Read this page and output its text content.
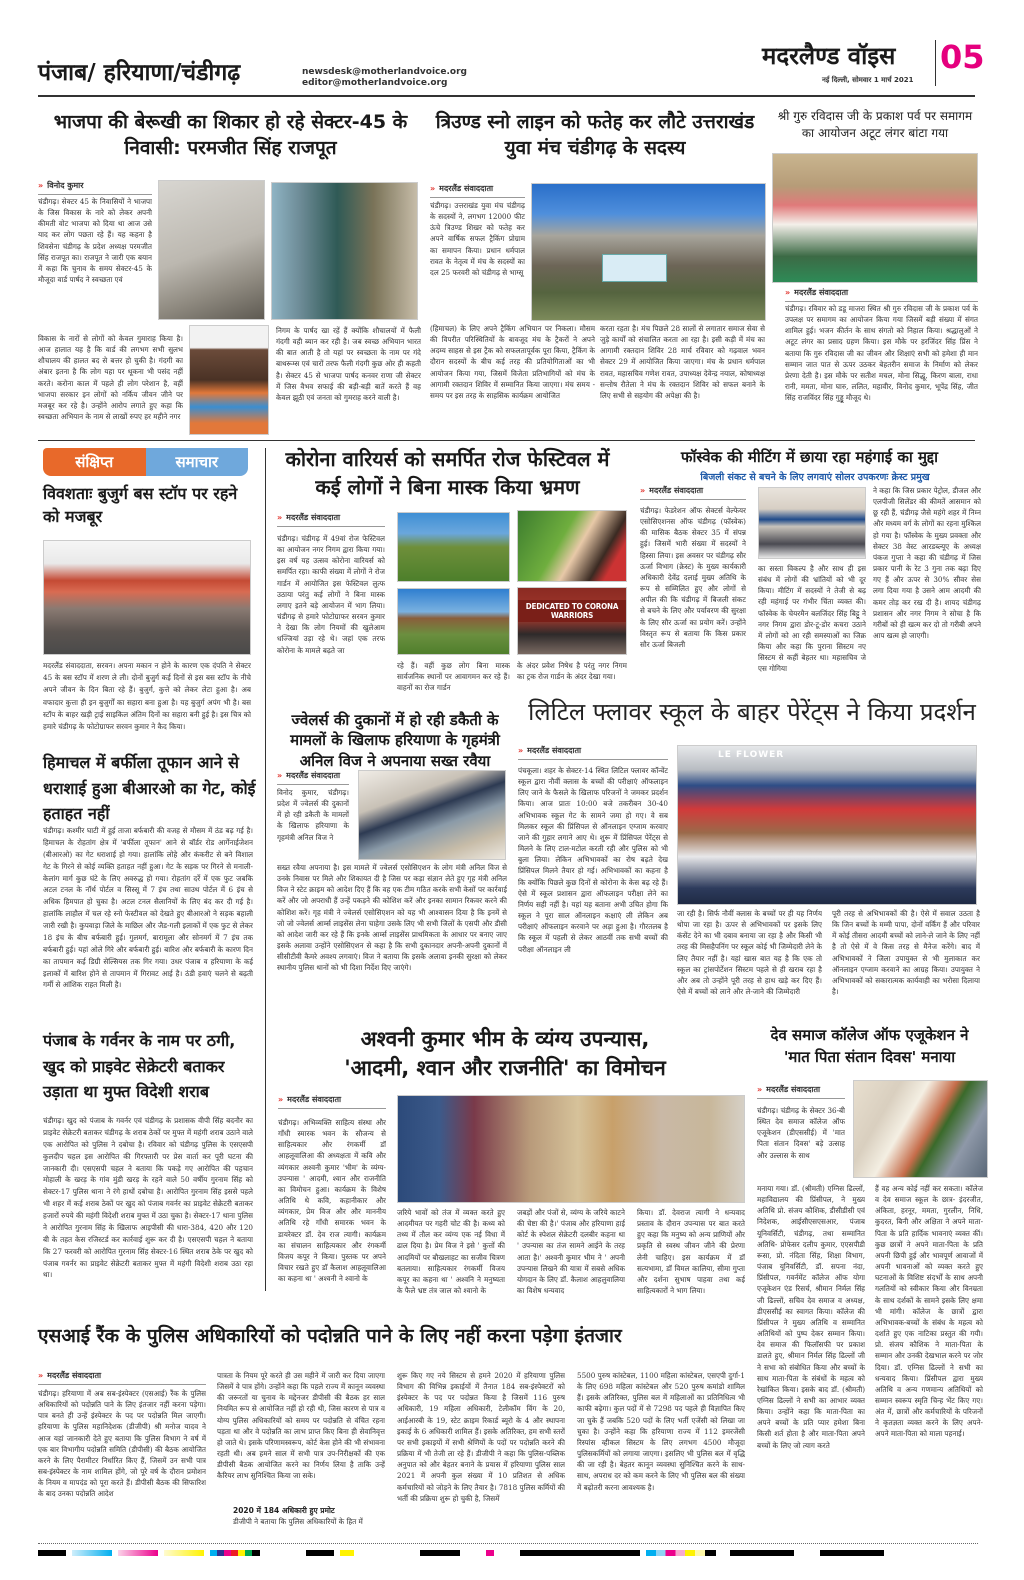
पंजाब/ हरियाणा/चंडीगढ़	newsdesk@motherlandvoice.org
editor@motherlandvoice.org
मदरलैण्ड वॉइस 05
नई दिल्ली, सोमवार 1 मार्च 2021
भाजपा की बेरूखी का शिकार हो रहे सेक्टर-45 के निवासी: परमजीत सिंह राजपूत
» विनोद कुमार
चंडीगढ़। सेक्टर 45 के निवासियों ने भाजपा के जिस विकास के नारे को लेकर अपनी कीमती वोट भाजपा को दिया था आज उसे याद कर लोग पछता रहे हैं। यह कहना है शिवसेना चंडीगढ़ के प्रदेश अध्यक्ष परमजीत सिंह राजपूत का। राजपूत ने जारी एक बयान में कहा कि चुनाव के समय सेक्टर-45 के मौजूदा वार्ड पार्षद ने स्वच्छता एवं
विकास के नारों से लोगों को केवल गुमाराह किया है। आज हालात यह है कि वार्ड की लगभग सभी सुलभ शौचालय की हालत बद से बत्तर हो चुकी है। गंदगी का अंबार इतना है कि लोग यहा पर थूकना भी पसंद नहीं करते। करोना काल में पहले ही लोग परेशान है, वहीं भाजपा सरकार इन लोगों को नर्किय जीवन जीने पर मजबूर कर रहे है। उन्होंने आरोप लगाते हुए कहा कि स्वच्छता अभियान के नाम से लाखों रुपए हर महीने नगर
निगम के पार्षद खा रहें हैं क्योंकि शौचालयों में फैली गंदगी वही ब्यान कर रही है। जब स्वच्छ अभियान भारत की बात आती है तो यहां पर स्वच्छता के नाम पर गंदे बाथरूम्स एवं चारों तरफ फैली गंदगी कुछ ओर ही कहती है। सेक्टर 45 से भाजपा पार्षद कनवर राणा जी सेक्टर में जिस वैभव सफाई की बड़ी-बड़ी बातें करते हैं वह केवल झूठी एवं जनता को गुमराह करने वाली है।
त्रिउण्ड स्नो लाइन को फतेह कर लौटे उत्तराखंड युवा मंच चंडीगढ़ के सदस्य
» मदरलैंड संवाददाता
चंडीगढ़। उत्तराखंड युवा मंच चंडीगढ़ के सदस्यों ने, लगभग 12000 फीट ऊंचे त्रिउण्ड शिखर को फतेह कर अपने वार्षिक सफल ट्रैकिंग प्रोग्राम का समापन किया। प्रधान धर्मपाल रावत के नेतृत्व में मंच के सदस्यों का दल 25 फरवरी को चंडीगढ़ से भाग्सू
(हिमाचल) के लिए अपने ट्रैकिंग अभियान पर निकला। मौसम की विपरीत परिस्थितियों के बावजूद मंच के ट्रैकरों ने अपने अदम्य साहस से इस ट्रैक को सफलतापूर्वक पूरा किया, ट्रैकिंग के दौरान सदस्यों के बीच कई तरह की प्रतियोगिताओं का भी आयोजन किया गया, जिसमें विजेता प्रतिभागियों को मंच के आगामी रक्तदान शिविर में सम्मानित किया जाएगा। मंच समय - समय पर इस तरह के साहसिक कार्यक्रम आयोजित
करता रहता है। मंच पिछले 28 सालों से लगातार समाज सेवा से जुड़े कार्यों को संचालित करता आ रहा है। इसी कड़ी में मंच का आगामी रक्तदान शिविर 28 मार्च रविवार को गढ़वाल भवन सेक्टर 29 में आयोजित किया जाएगा। मंच के प्रधान धर्मपाल रावत, महासचिव गणेश रावत, उपाध्यक्ष देवेन्द्र नयाल, कोषाध्यक्ष सन्तोष रौतेला ने मंच के रक्तदान शिविर को सफल बनाने के लिए सभी से सहयोग की अपेक्षा की है।
श्री गुरु रविदास जी के प्रकाश पर्व पर समागम का आयोजन अटूट लंगर बांटा गया
» मदरलैंड संवाददाता
चंडीगढ़। रविवार को डडू माजरा स्थित श्री गुरु रविदास जी के प्रकाश पर्व के उपलक्ष पर समागम का आयोजन किया गया जिसमें बड़ी संख्या में संगत शामिल हुई। भजन कीर्तन के साथ संगतो को निहाल किया। श्रद्धालुओं ने अटूट लंगर का प्रसाद ग्रहण किया। इस मौके पर हरजिंदर सिंह प्रिंस ने बताया कि गुरु रविदास जी का जीवन और शिक्षाएं सभी को हमेशा ही मान सम्मान जात पात से ऊपर उठकर बेहतरीन समाज के निर्माण को लेकर प्रेरणा देती है। इस मौके पर सतीश मचल, मोना सिद्धू, किरण बाला, राधा रानी, ममता, मोना घारु, ललित, महावीर, विनोद कुमार, भूपेंद्र सिंह, जीत सिंह राजविंदर सिंह गुड्डू मौजूद थे।
संक्षिप्त	समाचार
विवशताः बुजुर्ग बस स्टॉप पर रहने को मजबूर
मदरलैंड संवाददाता, सरवन। अपना मकान न होने के कारण एक दंपति ने सेक्टर 45 के बस स्टॉप में शरण ले ली। दोनों बुजुर्ग कई दिनों से इस बस स्टॉप के नीचे अपने जीवन के दिन बिता रहे हैं। बुजुर्ग, कुत्ते को लेकर लेटा हुआ है। अब वफादार कुत्ता ही इन बुजुर्गों का सहारा बना हुआ है। यह बुजुर्ग अपंग भी है। बस स्टॉप के बाहर खड़ी ट्राई साइकिल अंतिम दिनों का सहारा बनी हुई है। इस चित्र को हमारे चंडीगढ़ के फोटोग्राफर सरवन कुमार ने कैद किया।
हिमाचल में बर्फीला तूफान आने से धराशाई हुआ बीआरओ का गेट, कोई हताहत नहीं
चंडीगढ़। कश्मीर घाटी में हुई ताजा बर्फबारी की वजह से मौसम में ठंड बढ़ गई है। हिमाचल के रोहतांग क्षेत्र में 'बर्फीला तूफान' आने से बॉर्डर रोड आर्गेनाईजेशन (बीआरओ) का गेट धराशाई हो गया। हालांकि लोहे और कंकरीट से बने विशाल गेट के गिरने से कोई व्यक्ति हताहत नहीं हुआ। गेट के सड़क पर गिरने से मनाली-केलांग मार्ग कुछ घंटे के लिए अवरुद्ध हो गया। रोहतांग दर्रे में एक फुट जबकि अटल टनल के नॉर्थ पोर्टल व सिस्सू में 7 इंच तथा साउथ पोर्टल में 6 इंच से अधिक हिमपात हो चुका है। अटल टनल सैलानियों के लिए बंद कर दी गई है। हालांकि लाहौल में चल रहे स्नो फेस्टीवल को देखते हुए बीआरओ ने सड़क बहाली जारी रखी है। कुपवाड़ा जिले के माछिल और जैड-गली इलाकों में एक फुट से लेकर 18 इंच के बीच बर्फबारी हुई। गुलमर्ग, बारामूला और सोनमर्ग में 7 इंच तक बर्फबारी हुई। यहां ओले गिरे और बर्फबारी हुई। बारिश और बर्फबारी के कारण दिन का तापमान कई डिग्री सेल्सियस तक गिर गया। उधर पंजाब व हरियाणा के कई इलाकों में बारिश होने से तापमान में गिरावट आई है। ठंडी हवाएं चलने से बढ़ती गर्मी से आंशिक राहत मिली है।
पंजाब के गर्वनर के नाम पर ठगी, खुद को प्राइवेट सेक्रेटरी बताकर उड़ाता था मुफ्त विदेशी शराब
चंडीगढ़। खुद को पंजाब के गवर्नर एवं चंडीगढ़ के प्रशासक वीपी सिंह बदनौर का प्राइवेट सेक्रेटरी बताकर चंडीगढ़ के शराब ठेकों पर मुफ्त में महंगी शराब उठाने वाले एक आरोपित को पुलिस ने दबोचा है। रविवार को चंडीगढ़ पुलिस के एसएसपी कुलदीप चहल इस आरोपित की गिरफ्तारी पर प्रेस वार्ता कर पूरी घटना की जानकारी दी। एसएसपी चहल ने बताया कि पकड़े गए आरोपित की पहचान मोहाली के खरड़ के गांव मुंडी खरड़ के रहने वाले 50 वर्षीय गुरनाम सिंह को सेक्टर-17 पुलिस थाना ने रंगे हाथों दबोचा है। आरोपित गुरनाम सिंह इससे पहले भी शहर में कई शराब ठेकों पर खुद को पंजाब गवर्नर का प्राइवेट सेक्रेटरी बताकर हजारों रुपये की महंगी विदेशी शराब मुफ्त में उठा चुका है। सेक्टर-17 थाना पुलिस ने आरोपित गुरनाम सिंह के खिलाफ आइपीसी की धारा-384, 420 और 120 बी के तहत केस रजिस्टर्ड कर कार्रवाई शुरू कर दी है। एसएसपी चहल ने बताया कि 27 फरवरी को आरोपित गुरनाम सिंह सेक्टर-16 स्थित शराब ठेके पर खुद को पंजाब गवर्नर का प्राइवेट सेक्रेटरी बताकर मुफ्त में महंगी विदेशी शराब उठा रहा था।
कोरोना वारियर्स को समर्पित रोज फेस्टिवल में कई लोगों ने बिना मास्क किया भ्रमण
» मदरलैंड संवाददाता
चंडीगढ़। चंडीगढ़ में 49वां रोज फेस्टिवल का आयोजन नगर निगम द्वारा किया गया। इस वर्ष यह उत्सव कोरोना वारियर्स को समर्पित रहा। काफी संख्या में लोगों ने रोज गार्डन में आयोजित इस फेस्टिवल लुत्फ उठाया परंतु कई लोगों ने बिना मास्क लगाए इतने बड़े आयोजन में भाग लिया। चंडीगढ़ से हमारे फोटोग्राफर सरवन कुमार ने देखा कि लोग नियमों की खुलेआम धज्जियां उड़ा रहे थे। जहां एक तरफ कोरोना के मामले बढ़ते जा
रहे हैं। वहीं कुछ लोग बिना मास्क सार्वजनिक स्थानों पर आवागमन कर रहे हैं। वाहनों का रोज गार्डन
DEDICATED TO CORONA WARRIORS
के अंदर प्रवेश निषेध है परंतु नगर निगम का ट्रक रोज गार्डन के अंदर देखा गया।
फॉस्वेक की मीटिंग में छाया रहा महंगाई का मुद्दा
बिजली संकट से बचने के लिए लगवाएं सोलर उपकरणः क्रेस्ट प्रमुख
» मदरलैंड संवाददाता
चंडीगढ़। फेडरेशन ऑफ सेक्टर्स वेल्फेयर एसोसिएशनस ऑफ चंडीगढ़ (फॉस्वेक) की मासिक बैठक सेक्टर 35 में संपन्न हुई। जिसमें भारी संख्या में सदस्यों ने हिस्सा लिया। इस अवसर पर चंडीगढ़ सौर ऊर्जा विभाग (क्रेस्ट) के मुख्य कार्यकारी अधिकारी देवेंद्र दलाई मुख्य अतिथि के रूप से सम्मिलित हुए और लोगों से अपील की कि चंडीगढ़ में बिजली संकट से बचने के लिए और पर्यावरण की सुरक्षा के लिए सौर ऊर्जा का प्रयोग करें। उन्होंने विस्तृत रूप से बताया कि किस प्रकार सौर ऊर्जा बिजली
का सस्ता विकल्प है और साथ ही इस संबंध में लोगों की भ्रांतियों को भी दूर किया। मीटिंग में सदस्यों ने तेजी से बढ़ रही महंगाई पर गंभीर चिंता व्यक्त की। फॉस्वेक के चेयरमैन बलजिंदर सिंह बिट्टू ने नगर निगम द्वारा डोर-टू-डोर कचरा उठाने में लोगों को आ रही समस्याओं का जिक्र किया और कहा कि पुराना सिस्टम नए सिस्टम से कहीं बेहतर था। महासचिव जे एस गोगिया
ने कहा कि जिस प्रकार पेट्रोल, डीजल और एलपीजी सिलेंडर की कीमतें आसमान को छू रही हैं, चंडीगढ़ जैसे महंगे शहर में निम्न और मध्यम वर्ग के लोगों का रहना मुश्किल हो गया है। फॉस्वेक के मुख्य प्रवक्ता और सेक्टर 38 वेस्ट आरडब्ल्यूए के अध्यक्ष पंकज गुप्ता ने कहा की चंडीगढ़ में जिस प्रकार पानी के रेट 3 गुना तक बढ़ा दिए गए हैं और ऊपर से 30% सीवर सेस लगा दिया गया है उसने आम आदमी की कमर तोड़ कर रख दी है। शायद चंडीगढ़ प्रशासन और नगर निगम ने सोचा है कि गरीबों को ही खत्म कर दो तो गरीबी अपने आप खत्म हो जाएगी।
ज्वेलर्स की दुकानों में हो रही डकैती के मामलों के खिलाफ हरियाणा के गृहमंत्री अनिल विज ने अपनाया सख्त रवैया
» मदरलैंड संवाददाता
विनोद कुमार, चंडीगढ़। प्रदेश में ज्वेलर्स की दुकानों में हो रही डकैती के मामलों के खिलाफ हरियाणा के गृहमंत्री अनिल विज ने
सख्त रवैया अपनाया है। इस मामले में ज्वेलर्स एसोसिएशन के लोग मंत्री अनिल विज से उनके निवास पर मिले और शिकायत दी है जिस पर कड़ा संज्ञान लेते हुए गृह मंत्री अनिल विज ने स्टेट क्राइम को आदेश दिए हैं कि वह एक टीम गठित करके सभी केसों पर कार्रवाई करें और जो अपराधी हैं उन्हें पकड़ने की कोशिश करें और इनका सामान रिकवर करने की कोशिश करें। गृह मंत्री ने ज्वेलर्स एसोसिएशन को यह भी आश्वासन दिया है कि इनमें से जो जो ज्वेलर्स आर्म्स लाइसेंस लेना चाहेगा उसके लिए भी सभी जिलों के एसपी और डीसी को आदेश जारी कर रहे हैं कि इनके आर्म्स लाइसेंस प्राथमिकता के आधार पर बनाए जाए इसके अलावा उन्होंने एसोसिएशन से कहा है कि सभी दुकानदार अपनी-अपनी दुकानों में सीसीटीवी कैमरे अवश्य लगवाएं। विज ने बताया कि इसके अलावा इनकी सुरक्षा को लेकर स्थानीय पुलिस थानों को भी दिशा निर्देश दिए जाएंगे।
लिटिल फ्लावर स्कूल के बाहर पेरेंट्स ने किया प्रदर्शन
» मदरलैंड संवाददाता
पंचकूला। शहर के सेक्टर-14 स्थित लिटिल फ्लावर कॉन्वेंट स्कूल द्वारा नौवीं क्लास के बच्चों की परीक्षाएं ऑफलाइन लिए जाने के फैसले के खिलाफ परिजनों ने जमकर प्रदर्शन किया। आज प्रातः 10:00 बजे तकरीबन 30-40 अभिभावक स्कूल गेट के सामने जमा हो गए। वे सब मिलकर स्कूल की प्रिंसिपल से ऑनलाइन एग्जाम करवाए जाने की गुहार लगाने आए थे। शुरू में प्रिंसिपल पेरेंट्स से मिलने के लिए टाल-मटोल करती रही और पुलिस को भी बुला लिया। लेकिन अभिभावकों का रोष बढ़ते देख प्रिंसिपल मिलने तैयार हो गई। अभिभावकों का कहना है कि क्योंकि पिछले कुछ दिनों से कोरोना के केस बढ़ रहे हैं। ऐसे में स्कूल प्रशासन द्वारा ऑफलाइन परीक्षा लेने का निर्णय सही नहीं है। यहां यह बताना अभी उचित होगा कि स्कूल ने पूरा साल ऑनलाइन कक्षाएं ली लेकिन अब परीक्षाएं ऑफलाइन करवाने पर अड़ा हुआ है। गौरतलब है कि स्कूल में पहली से लेकर आठवीं तक सभी बच्चों की परीक्षा ऑनलाइन ली
LE FLOWER
जा रही है। सिर्फ नौवीं क्लास के बच्चों पर ही यह निर्णय थोपा जा रहा है। ऊपर से अभिभावकों पर इसके लिए कंसेंट देने का भी दबाव बनाया जा रहा है और किसी भी तरह की मिसहैपनिंग पर स्कूल कोई भी जिम्मेदारी लेने के लिए तैयार नहीं है। यहां खास बात यह है कि एक तो स्कूल का ट्रांसपोर्टेशन सिस्टम पहले से ही खराब रहा है और अब तो उन्होंने पूरी तरह से हाथ खड़े कर दिए हैं। ऐसे में बच्चों को लाने और ले-जाने की जिम्मेदारी
पूरी तरह से अभिभावकों की है। ऐसे में सवाल उठता है कि जिन बच्चों के मम्मी पापा, दोनों वर्किंग हैं और परिवार में कोई तीसरा आदमी बच्चों को लाने-ले जाने के लिए नहीं है तो ऐसे में वे किस तरह से मैनेज करेंगे। बाद में अभिभावकों ने जिला उपायुक्त से भी मुलाकात कर ऑनलाइन एग्जाम करवाने का आग्रह किया। उपायुक्त ने अभिभावकों को सकारात्मक कार्यवाही का भरोसा दिलाया है।
अश्वनी कुमार भीम के व्यंग्य उपन्यास,
'आदमी, श्वान और राजनीति' का विमोचन
» मदरलैंड संवाददाता
चंडीगढ़। अभिव्यक्ति साहित्य संस्था और गाँधी स्मारक भवन के सौजन्य से साहित्यकार और रंगकर्मी डॉ आहलूवालिआ की अध्यक्षता में कवि और व्यंगकार अश्वनी कुमार 'भीम' के व्यंग्य-उपन्यास ' आदमी, श्वान और राजनीति का विमोचन हुआ। कार्यक्रम के विशेष अतिथि थे कवि, कहानीकार और व्यंगकार, प्रेम विज और और माननीय अतिथि रहे गाँधी समारक भवन के डायरेक्टर डॉ. देव राज त्यागी। कार्यक्रम का संचालन साहित्यकार और रंगकर्मी विजय कपूर ने किया। पुस्तक पर अपने विचार रखते हुए डॉ कैलाश आहलूवालिआ का कहना था ' अश्वनी ने श्वानो के
जरिये भावों को तंज में व्यक्त करते हुए आदमीयत पर गहरी चोट की है। कथ्य को तथ्य में तौल कर व्यंग्य एक नई विधा में ढाल दिया है। प्रेम विज ने इसे ' कुत्तों की आदमियों पर बौखलाहट का सजीव चित्रण बतलाया। साहित्यकार रंगकर्मी विजय कपूर का कहना था ' अश्वनि ने मनुष्यता के फैले भ्रष्ट तंत्र जाल को श्वानो के
जबड़ों और पंजों से, व्यंग्य के जरिये काटने की चेष्टा की है।' पंजाब और हरियाणा हाई कोर्ट के स्पेशल सेक्रेटरी दलबीर कहना था ' उपन्यास का तंज सामने आईने के तरह आता है।' अश्वनी कुमार भीम ने ' अपनी उपन्यास लिखने की यात्रा में सबसे अधिक योगदान के लिए डॉ. कैलाश आहलुवालिया का विशेष धन्यवाद
किया। डॉ. देवराज त्यागी ने धन्यवाद प्रस्ताव के दौरान उपन्यास पर बात करते हुए कहा कि मनुष्य को अन्य प्राणियों और प्रकृति से स्वस्थ जीवन जीने की प्रेरणा लेनी चाहिए। इस कार्यक्रम में डॉ सत्यभामा, डॉ विमल कालिया, सीमा गुप्ता और दर्शना सुभाष पाहवा तथा कई साहित्यकारों ने भाग लिया।
देव समाज कॉलेज ऑफ एजूकेशन ने 'मात पिता संतान दिवस' मनाया
» मदरलैंड संवाददाता
चंडीगढ़। चंडीगढ़ के सेक्टर 36-बी स्थित देव समाज कॉलेज ऑफ एजूकेशन (डीएससीई) में 'मात पिता संतान दिवस' बड़े उत्साह और उल्लास के साथ
मनाया गया। डॉ. (श्रीमती) एग्निस ढिल्लों, महाविद्यालय की प्रिंसीपल, ने मुख्य अतिथि प्रो. संजय कौशिक, डीसीडीसी एवं निदेशक, आईसीएसएसआर, पंजाब यूनिवर्सिटी, चंडीगढ़, तथा सम्मानित अतिथि- प्रोफेसर दलीप कुमार, एएसपीडी रूसा, प्रो. नंदिता सिंह, शिक्षा विभाग, पंजाब यूनिवर्सिटी, डॉ. सपना नंदा, प्रिंसीपल, गवर्नमेंट कॉलेज ऑफ योगा एजूकेशन एंड रिसर्च, श्रीमान निर्मल सिंह जी ढिल्लों, सचिव देव समाज व अध्यक्ष, डीएससीई का स्वागत किया। कॉलेज की प्रिंसीपल ने मुख्य अतिथि व सम्मानित अतिथियों को पुष्प देकर सम्मान किया। देव समाज की फिलॉसफी पर प्रकाश डालते हुए, श्रीमान निर्मल सिंह ढिल्लों जी ने सभा को संबोधित किया और बच्चों के साथ माता-पिता के संबंधों के महत्व को रेखांकित किया। इसके बाद डॉ. (श्रीमती) एग्निस ढिल्लों ने सभी का आभार व्यक्त किया। उन्होंने कहा कि माता-पिता का अपने बच्चों के प्रति प्यार हमेशा बिना किसी शर्त होता है और माता-पिता अपने बच्चों के लिए जो त्याग करते
हैं वह अन्य कोई नहीं कर सकता। कॉलेज व देव समाज स्कूल के छात्र- इंदरजीत, अंकिता, हरनूर, ममता, गुरलीन, निधि, कुदरत, बिनी और अक्षिता ने अपने माता-पिता के प्रति हार्दिक भावनाएं व्यक्त कीं। कुछ छात्रों ने अपने माता-पिता के प्रति अपनी छिपी हुई और भावपूर्ण आवाजों में अपनी भावनाओं को व्यक्त करते हुए घटनाओं के विशिष्ट संदर्भों के साथ अपनी गलतियों को स्वीकार किया और विनम्रता के साथ दर्शकों के सामने इसके लिए क्षमा भी मांगी। कॉलेज के छात्रों द्वारा अभिभावक-बच्चों के संबंध के महत्व को दर्शाते हुए एक नाटिका प्रस्तुत की गयी। प्रो. संजय कौशिक ने माता-पिता के सम्मान और उनकी देखभाल करने पर जोर दिया। डॉ. एग्निस ढिल्लों ने सभी का धन्यवाद किया। प्रिंसीपल द्वारा मुख्य अतिथि व अन्य गणमान्य अतिथियों को सम्मान स्वरूप स्मृति चिन्ह भेंट किए गए। अंत में, छात्रों और कर्मचारियों के परिजनों ने कृतज्ञता व्यक्त करने के लिए अपने-अपने माता-पिता को माला पहनाई।
एसआई रैंक के पुलिस अधिकारियों को पदोन्नति पाने के लिए नहीं करना पड़ेगा इंतजार
» मदरलैंड संवाददाता
चंडीगढ़। हरियाणा में अब सब-इंस्पेक्टर (एसआई) रैंक के पुलिस अधिकारियों को पदोन्नति पाने के लिए इंतजार नहीं करना पड़ेगा। पात्र बनते ही उन्हें इंस्पेक्टर के पद पर पदोन्नति मिल जाएगी। हरियाणा के पुलिस महानिदेशक (डीजीपी) श्री मनोज यादव ने आज यहां जानकारी देते हुए बताया कि पुलिस विभाग ने वर्ष में एक बार विभागीय पदोन्नति समिति (डीपीसी) की बैठक आयोजित करने के लिए पैरामीटर निर्धारित किए हैं, जिसमें उन सभी पात्र सब-इंस्पेक्टर के नाम शामिल होंगे, जो पूरे वर्ष के दौरान प्रमोशन के नियम व मापदंड को पूरा करते हैं। डीपीसी बैठक की सिफारिश के बाद उनका पदोन्नति आदेश
पात्रता के नियम पूरे करते ही उस महीने में जारी कर दिया जाएगा जिसमें वे पात्र होंगे। उन्होंने कहा कि पहले राज्य में कानून व्यवस्था की जरूरतों या चुनाव के मद्देनजर डीपीसी की बैठक हर साल नियमित रूप से आयोजित नहीं हो रही थी, जिस कारण से पात्र व योग्य पुलिस अधिकारियों को समय पर पदोन्नति से वंचित रहना पड़ता था और वे पदोन्नति का लाभ प्राप्त किए बिना ही सेवानिवृत्त हो जाते थे। इसके परिणामस्वरूप, कोर्ट केस होने की भी संभावना रहती थी। अब हमने साल में सभी पात्र उप-निरीक्षकों की एक डीपीसी बैठक आयोजित करने का निर्णय लिया है ताकि उन्हें कैरियर लाभ सुनिश्चित किया जा सके।
2020 में 184 अधिकारी हुए प्रमोट
डीजीपी ने बताया कि पुलिस अधिकारियों के हित में
शुरू किए गए नये सिस्टम से हमने 2020 में हरियाणा पुलिस विभाग की विभिन्न इकाईयों में तैनात 184 सब-इंस्पेक्टरों को इंस्पेक्टर के पद पर पदोन्नत किया है जिसमें 116 पुरुष अधिकारी, 19 महिला अधिकारी, टेलीकॉम विंग के 20, आईआरबी के 19, स्टेट क्राइम रिकार्ड ब्यूरो के 4 और स्थापना इकाई के 6 अधिकारी शामिल हैं। इसके अतिरिक्त, हम सभी स्तरों पर सभी इकाइयों में सभी श्रेणियों के पदों पर पदोन्नति करने की प्रक्रिया में भी तेजी ला रहे हैं। डीजीपी ने कहा कि पुलिस-पब्लिक अनुपात को और बेहतर बनाने के प्रयास में हरियाणा पुलिस साल 2021 में अपनी कुल संख्या में 10 प्रतिशत से अधिक कर्मचारियों को जोड़ने के लिए तैयार है। 7818 पुलिस कर्मियों की भर्ती की प्रक्रिया शुरू हो चुकी है, जिसमें
5500 पुरुष कांस्टेबल, 1100 महिला कांस्टेबल, एसएपी दुर्गा-1 के लिए 698 महिला कांस्टेबल और 520 पुरुष कमांडो शामिल हैं। इसके अतिरिक्त, पुलिस बल में महिलाओं का प्रतिनिधित्व भी काफी बढ़ेगा। कुल पदों में से 7298 पद पहले ही विज्ञापित किए जा चुके हैं जबकि 520 पदों के लिए भर्ती एजेंसी को लिखा जा चुका है। उन्होंने कहा कि हरियाणा राज्य में 112 इमरजेंसी रिस्पांस व्हीकल सिस्टम के लिए लगभग 4500 मौजूदा पुलिसकर्मियों को लगाया जाएगा। इसलिए भी पुलिस बल में वृद्धि की जा रही है। बेहतर कानून व्यवस्था सुनिश्चित करने के साथ-साथ, अपराध दर को कम करने के लिए भी पुलिस बल की संख्या में बढ़ोतरी करना आवश्यक है।
